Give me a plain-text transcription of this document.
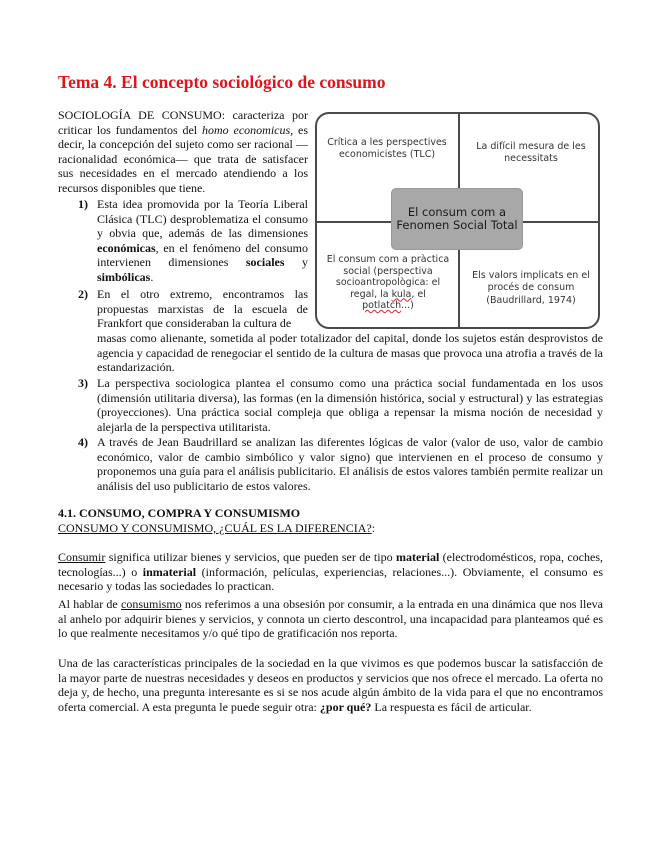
Tema 4. El concepto sociológico de consumo
SOCIOLOGÍA DE CONSUMO: caracteriza por criticar los fundamentos del homo economicus, es decir, la concepción del sujeto como ser racional —racionalidad económica— que trata de satisfacer sus necesidades en el mercado atendiendo a los recursos disponibles que tiene.
1) Esta idea promovida por la Teoría Liberal Clásica (TLC) desproblematiza el consumo y obvia que, además de las dimensiones económicas, en el fenómeno del consumo intervienen dimensiones sociales y simbólicas.
2) En el otro extremo, encontramos las propuestas marxistas de la escuela de Frankfort que consideraban la cultura de
masas como alienante, sometida al poder totalizador del capital, donde los sujetos están desprovistos de agencia y capacidad de renegociar el sentido de la cultura de masas que provoca una atrofia a través de la estandarización.
3) La perspectiva sociologica plantea el consumo como una práctica social fundamentada en los usos (dimensión utilitaria diversa), las formas (en la dimensión histórica, social y estructural) y las estrategias (proyecciones). Una práctica social compleja que obliga a repensar la misma noción de necesidad y alejarla de la perspectiva utilitarista.
4) A través de Jean Baudrillard se analizan las diferentes lógicas de valor (valor de uso, valor de cambio económico, valor de cambio simbólico y valor signo) que intervienen en el proceso de consumo y proponemos una guía para el análisis publicitario. El análisis de estos valores también permite realizar un análisis del uso publicitario de estos valores.
Crítica a les perspectives economicistes (TLC)
La difícil mesura de les necessitats
El consum com a Fenomen Social Total
El consum com a pràctica social (perspectiva socioantropològica: el regal, la kula, el potlatch...)
Els valors implicats en el procés de consum
(Baudrillard, 1974)
4.1. CONSUMO, COMPRA Y CONSUMISMO
CONSUMO Y CONSUMISMO, ¿CUÁL ES LA DIFERENCIA?:
Consumir significa utilizar bienes y servicios, que pueden ser de tipo material (electrodomésticos, ropa, coches, tecnologías...) o inmaterial (información, películas, experiencias, relaciones...). Obviamente, el consumo es necesario y todas las sociedades lo practican.
Al hablar de consumismo nos referimos a una obsesión por consumir, a la entrada en una dinámica que nos lleva al anhelo por adquirir bienes y servicios, y connota un cierto descontrol, una incapacidad para planteamos qué es lo que realmente necesitamos y/o qué tipo de gratificación nos reporta.
Una de las características principales de la sociedad en la que vivimos es que podemos buscar la satisfacción de la mayor parte de nuestras necesidades y deseos en productos y servicios que nos ofrece el mercado. La oferta no deja y, de hecho, una pregunta interesante es si se nos acude algún ámbito de la vida para el que no encontramos oferta comercial. A esta pregunta le puede seguir otra: ¿por qué? La respuesta es fácil de articular.
